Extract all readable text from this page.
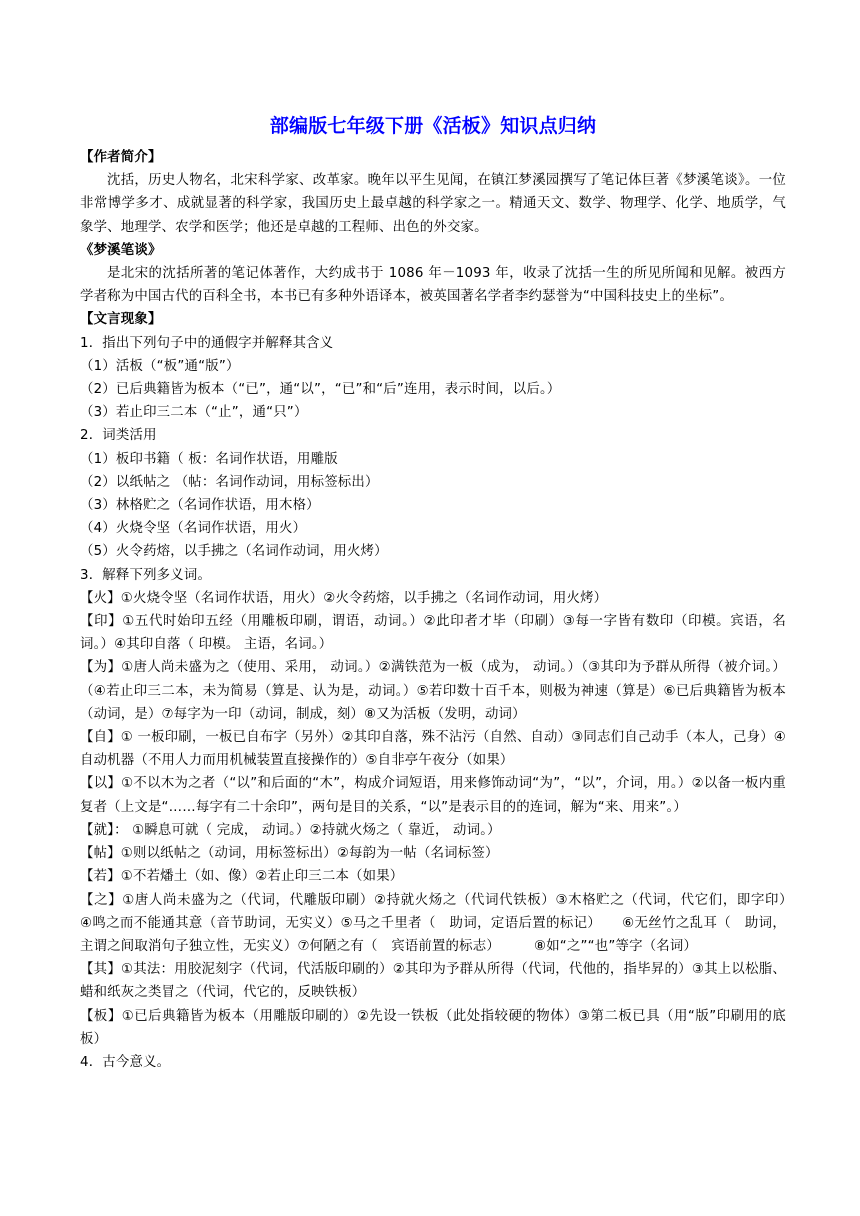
部编版七年级下册《活板》知识点归纳

【作者简介】

沈括，历史人物名，北宋科学家、改革家。晚年以平生见闻，在镇江梦溪园撰写了笔记体巨著《梦溪笔谈》。一位非常博学多才、成就显著的科学家，我国历史上最卓越的科学家之一。精通天文、数学、物理学、化学、地质学，气象学、地理学、农学和医学；他还是卓越的工程师、出色的外交家。

《梦溪笔谈》

是北宋的沈括所著的笔记体著作，大约成书于 1086 年－1093 年，收录了沈括一生的所见所闻和见解。被西方学者称为中国古代的百科全书，本书已有多种外语译本，被英国著名学者李约瑟誉为“中国科技史上的坐标”。

【文言现象】

1．指出下列句子中的通假字并解释其含义

（1）活板（“板”通“版”）

（2）已后典籍皆为板本（“已”，通“以”，“已”和“后”连用，表示时间，以后。）

（3）若止印三二本（“止”，通“只”）

2．词类活用

（1）板印书籍（ 板：名词作状语，用雕版

（2）以纸帖之 （帖：名词作动词，用标签标出）

（3）林格贮之（名词作状语，用木格）

（4）火烧令坚（名词作状语，用火）

（5）火令药熔，以手拂之（名词作动词，用火烤）

3．解释下列多义词。

【火】①火烧令坚（名词作状语，用火）②火令药熔，以手拂之（名词作动词，用火烤）

【印】①五代时始印五经（用雕板印刷，谓语，动词。）②此印者才毕（印刷）③每一字皆有数印（印模。宾语，名词。）④其印自落（ 印模。 主语，名词。）

【为】①唐人尚未盛为之（使用、采用， 动词。）②满铁范为一板（成为， 动词。）（③其印为予群从所得（被介词。）（④若止印三二本，未为简易（算是、认为是，动词。）⑤若印数十百千本，则极为神速（算是）⑥已后典籍皆为板本（动词，是）⑦每字为一印（动词，制成，刻）⑧又为活板（发明，动词）

【自】① 一板印刷，一板已自布字（另外）②其印自落，殊不沾污（自然、自动）③同志们自己动手（本人，己身）④自动机器（不用人力而用机械装置直接操作的）⑤自非亭午夜分（如果）

【以】①不以木为之者（“以”和后面的“木”，构成介词短语，用来修饰动词“为”，“以”，介词，用。）②以备一板内重复者（上文是“……每字有二十余印”，两句是目的关系，“以”是表示目的的连词，解为“来、用来”。）

【就】： ①瞬息可就（ 完成， 动词。）②持就火炀之（ 靠近， 动词。）

【帖】①则以纸帖之（动词，用标签标出）②每韵为一帖（名词标签）

【若】①不若燔土（如、像）②若止印三二本（如果）

【之】①唐人尚未盛为之（代词，代雕版印刷）②持就火炀之（代词代铁板）③木格贮之（代词，代它们，即字印）　④鸣之而不能通其意（音节助词，无实义）⑤马之千里者（　助词，定语后置的标记）　　⑥无丝竹之乱耳（　助词，主谓之间取消句子独立性，无实义）⑦何陋之有（　宾语前置的标志）　　　⑧如“之”“也”等字（名词）

【其】①其法：用胶泥刻字（代词，代活版印刷的）②其印为予群从所得（代词，代他的，指毕昇的）③其上以松脂、蜡和纸灰之类冒之（代词，代它的，反映铁板）

【板】①已后典籍皆为板本（用雕版印刷的）②先设一铁板（此处指较硬的物体）③第二板已具（用“版”印刷用的底板）

4．古今意义。
